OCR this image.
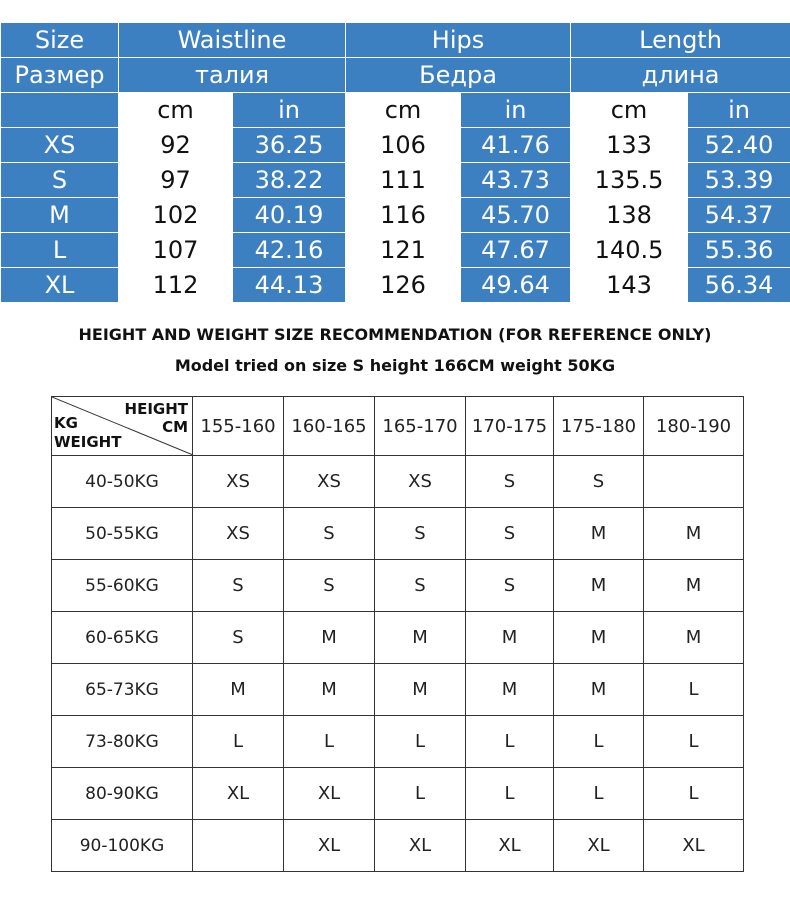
Size	Waistline		Hips		Length	
Размер	талия		Бедра		длина	
	cm	in	cm	in	cm	in
XS	92	36.25	106	41.76	133	52.40
S	97	38.22	111	43.73	135.5	53.39
M	102	40.19	116	45.70	138	54.37
L	107	42.16	121	47.67	140.5	55.36
XL	112	44.13	126	49.64	143	56.34
HEIGHT AND WEIGHT SIZE RECOMMENDATION (FOR REFERENCE ONLY)
Model tried on size S height 166CM weight 50KG
HEIGHT
CM
KG
WEIGHT	155-160	160-165	165-170	170-175	175-180	180-190
40-50KG	XS	XS	XS	S	S	
50-55KG	XS	S	S	S	M	M
55-60KG	S	S	S	S	M	M
60-65KG	S	M	M	M	M	M
65-73KG	M	M	M	M	M	L
73-80KG	L	L	L	L	L	L
80-90KG	XL	XL	L	L	L	L
90-100KG		XL	XL	XL	XL	XL
